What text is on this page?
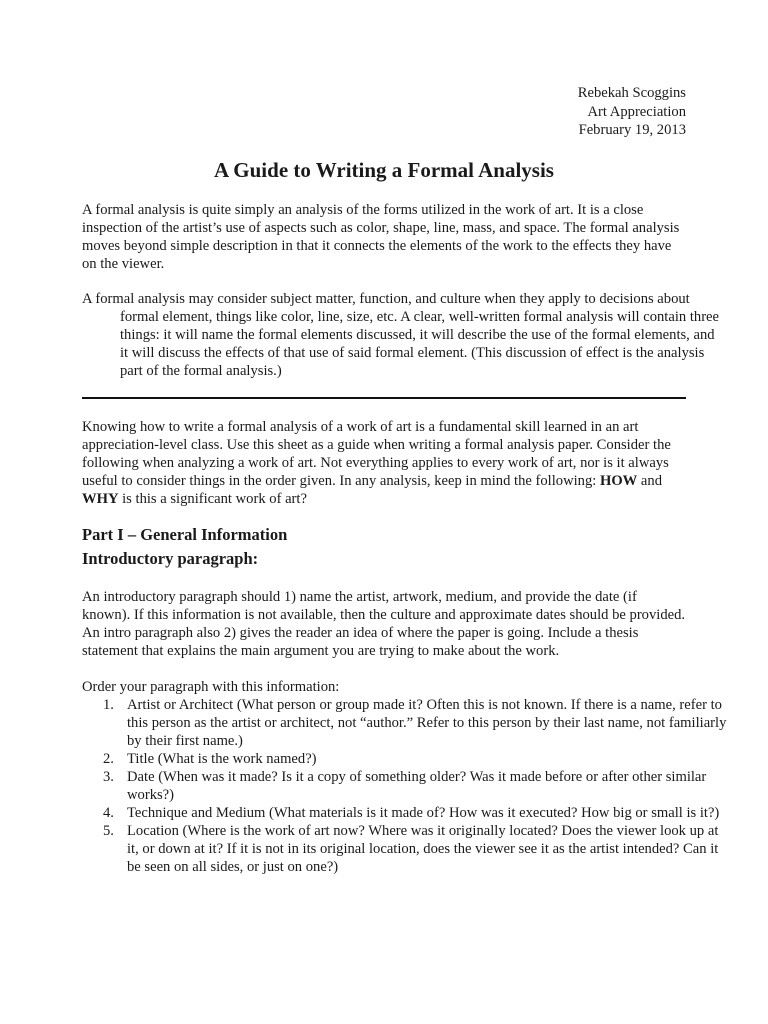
Rebekah Scoggins
Art Appreciation
February 19, 2013
A Guide to Writing a Formal Analysis
A formal analysis is quite simply an analysis of the forms utilized in the work of art. It is a close inspection of the artist’s use of aspects such as color, shape, line, mass, and space. The formal analysis moves beyond simple description in that it connects the elements of the work to the effects they have on the viewer.
A formal analysis may consider subject matter, function, and culture when they apply to decisions about formal element, things like color, line, size, etc. A clear, well-written formal analysis will contain three things: it will name the formal elements discussed, it will describe the use of the formal elements, and it will discuss the effects of that use of said formal element. (This discussion of effect is the analysis part of the formal analysis.)
Knowing how to write a formal analysis of a work of art is a fundamental skill learned in an art appreciation-level class. Use this sheet as a guide when writing a formal analysis paper. Consider the following when analyzing a work of art. Not everything applies to every work of art, nor is it always useful to consider things in the order given. In any analysis, keep in mind the following: HOW and WHY is this a significant work of art?
Part I – General Information
Introductory paragraph:
An introductory paragraph should 1) name the artist, artwork, medium, and provide the date (if known). If this information is not available, then the culture and approximate dates should be provided. An intro paragraph also 2) gives the reader an idea of where the paper is going. Include a thesis statement that explains the main argument you are trying to make about the work.
Order your paragraph with this information:
1. Artist or Architect (What person or group made it? Often this is not known. If there is a name, refer to this person as the artist or architect, not “author.” Refer to this person by their last name, not familiarly by their first name.)
2. Title (What is the work named?)
3. Date (When was it made? Is it a copy of something older? Was it made before or after other similar works?)
4. Technique and Medium (What materials is it made of? How was it executed? How big or small is it?)
5. Location (Where is the work of art now? Where was it originally located? Does the viewer look up at it, or down at it? If it is not in its original location, does the viewer see it as the artist intended? Can it be seen on all sides, or just on one?)
